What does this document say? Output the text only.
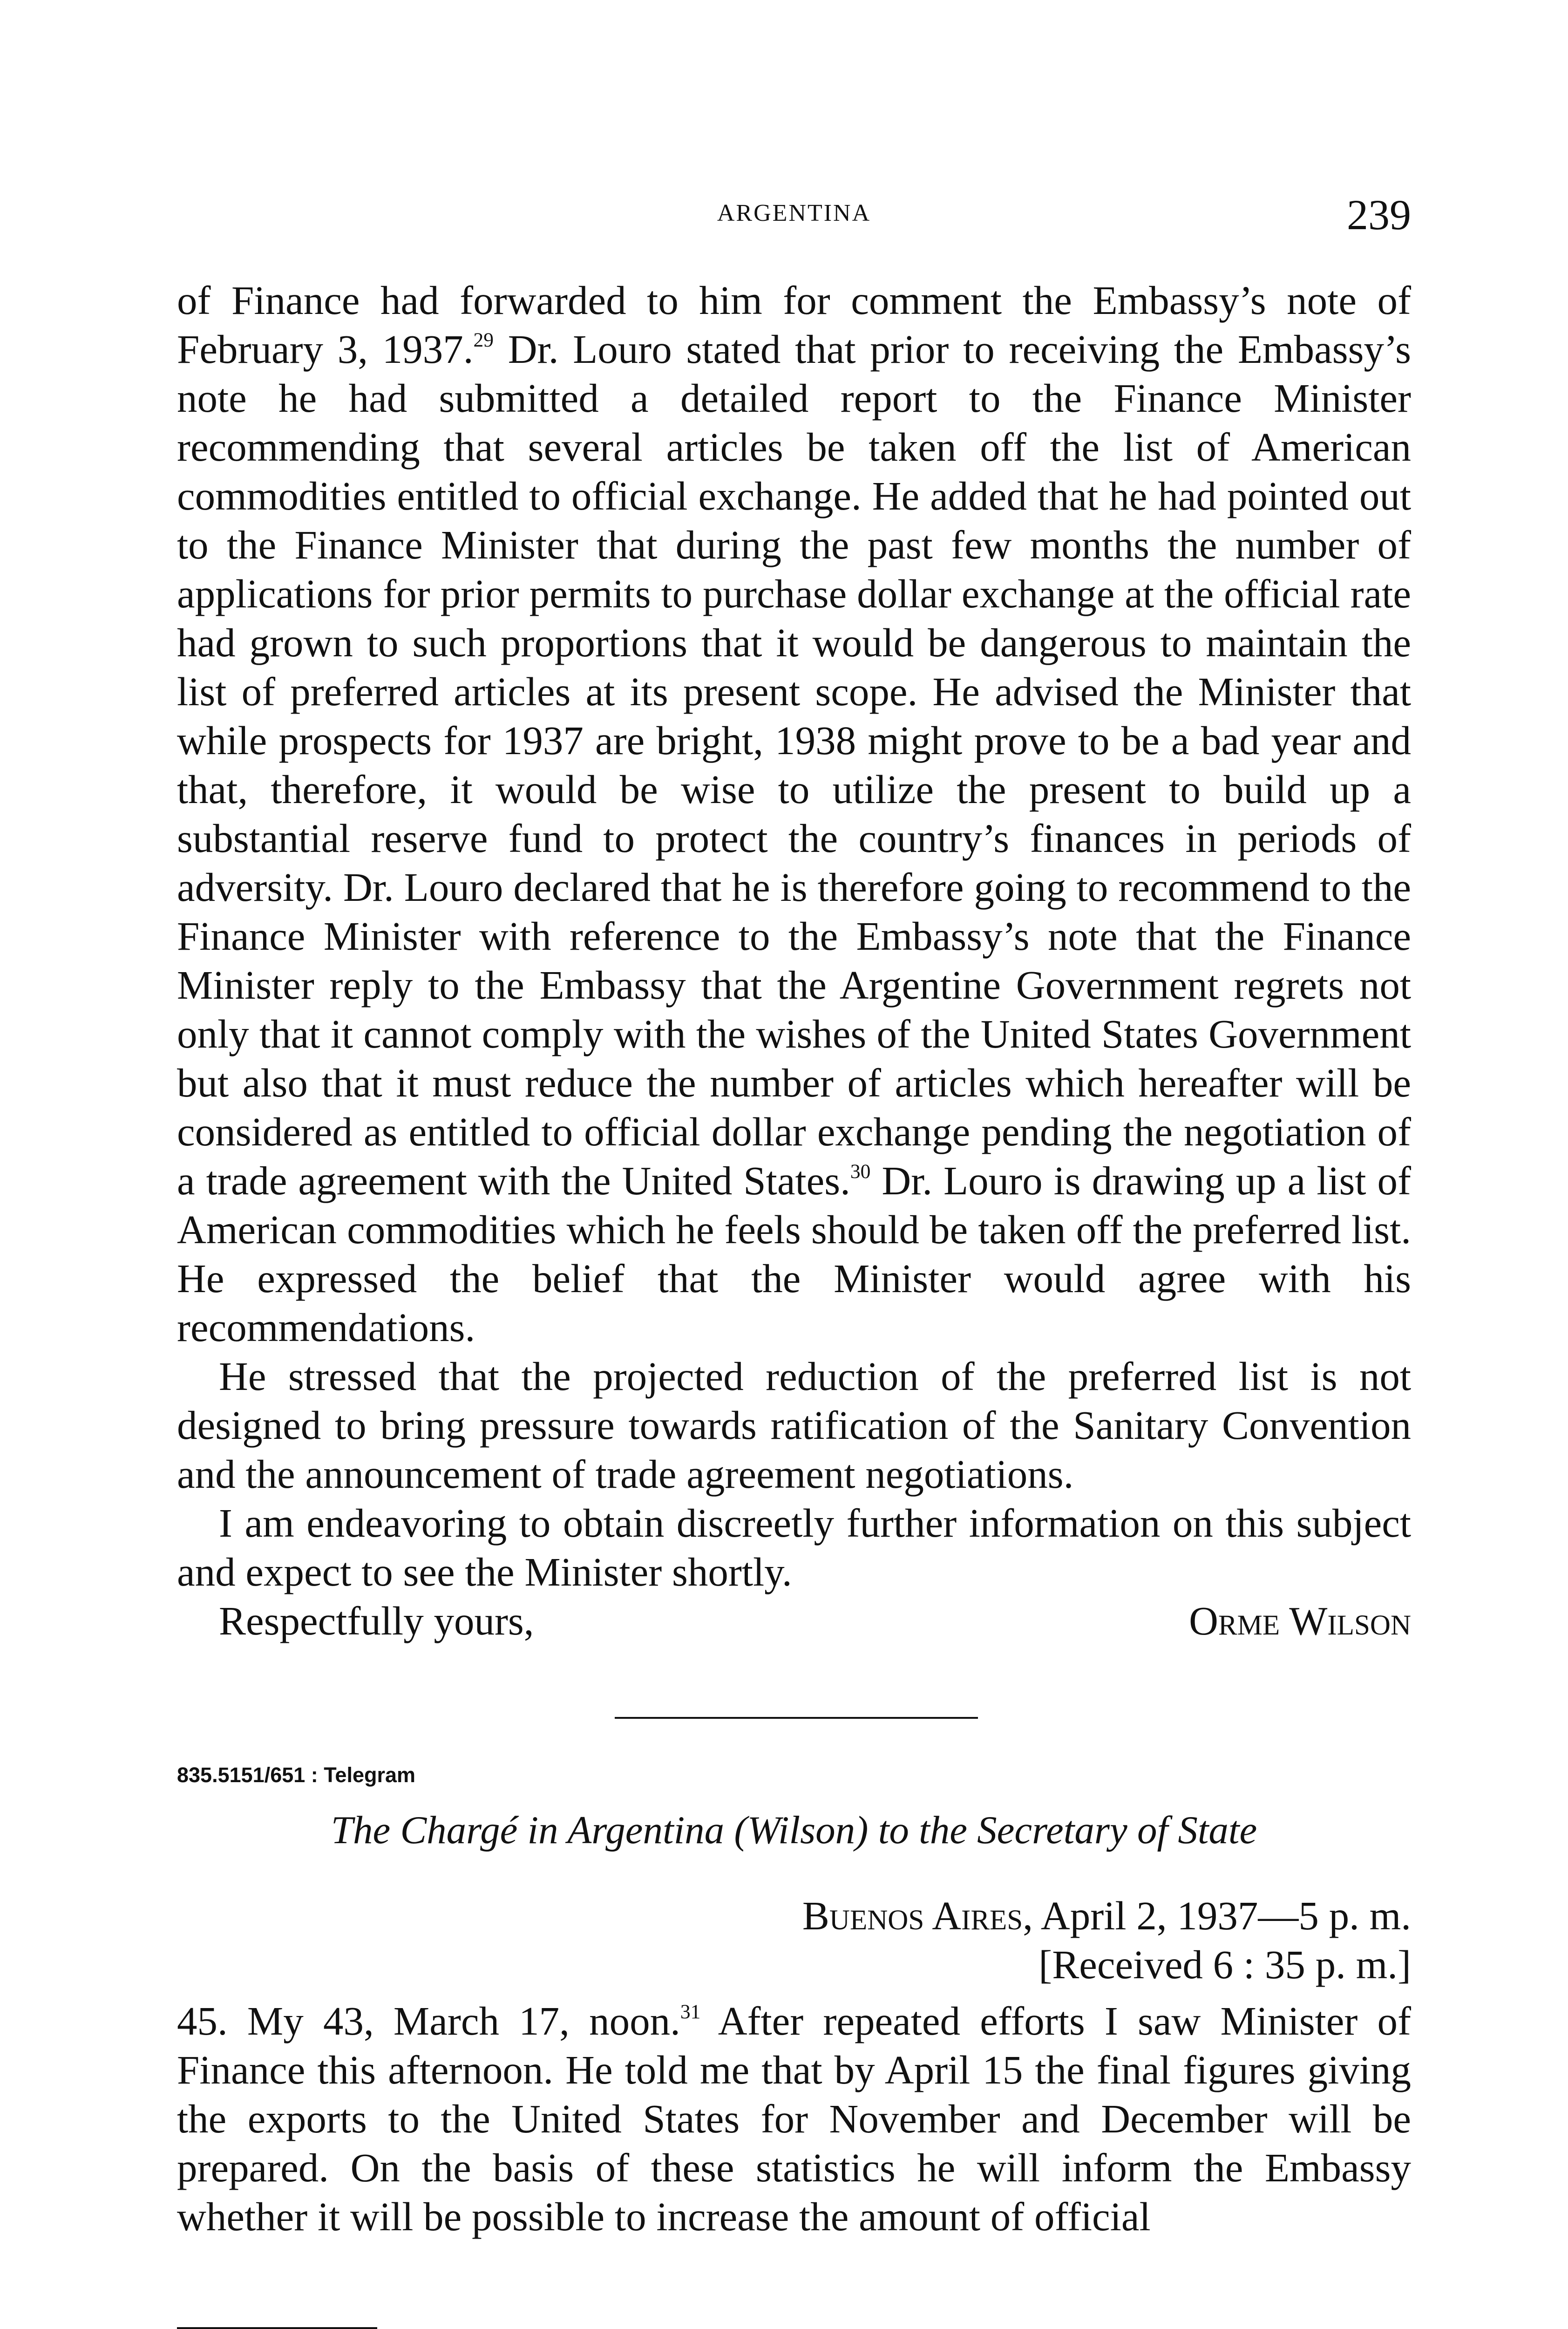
ARGENTINA	239

of Finance had forwarded to him for comment the Embassy’s note of February 3, 1937.29 Dr. Louro stated that prior to receiving the Embassy’s note he had submitted a detailed report to the Finance Minister recommending that several articles be taken off the list of American commodities entitled to official exchange. He added that he had pointed out to the Finance Minister that during the past few months the number of applications for prior permits to purchase dollar exchange at the official rate had grown to such proportions that it would be dangerous to maintain the list of preferred articles at its present scope. He advised the Minister that while prospects for 1937 are bright, 1938 might prove to be a bad year and that, therefore, it would be wise to utilize the present to build up a substantial reserve fund to protect the country’s finances in periods of adversity. Dr. Louro declared that he is therefore going to recommend to the Finance Minister with reference to the Embassy’s note that the Finance Minister reply to the Embassy that the Argentine Government regrets not only that it cannot comply with the wishes of the United States Government but also that it must reduce the number of articles which hereafter will be considered as entitled to official dollar exchange pending the negotiation of a trade agreement with the United States.$^{30}$ Dr. Louro is drawing up a list of American commodities which he feels should be taken off the preferred list. He expressed the belief that the Minister would agree with his recommendations.

He stressed that the projected reduction of the preferred list is not designed to bring pressure towards ratification of the Sanitary Convention and the announcement of trade agreement negotiations.

I am endeavoring to obtain discreetly further information on this subject and expect to see the Minister shortly.

Respectfully yours,	Orme Wilson
835.5151/651 : Telegram
The Chargé in Argentina (Wilson) to the Secretary of State
Buenos Aires, April 2, 1937—5 p. m.
[Received 6 : 35 p. m.]

45. My 43, March 17, noon.$^{31}$ After repeated efforts I saw Minister of Finance this afternoon. He told me that by April 15 the final figures giving the exports to the United States for November and December will be prepared. On the basis of these statistics he will inform the Embassy whether it will be possible to increase the amount of official
